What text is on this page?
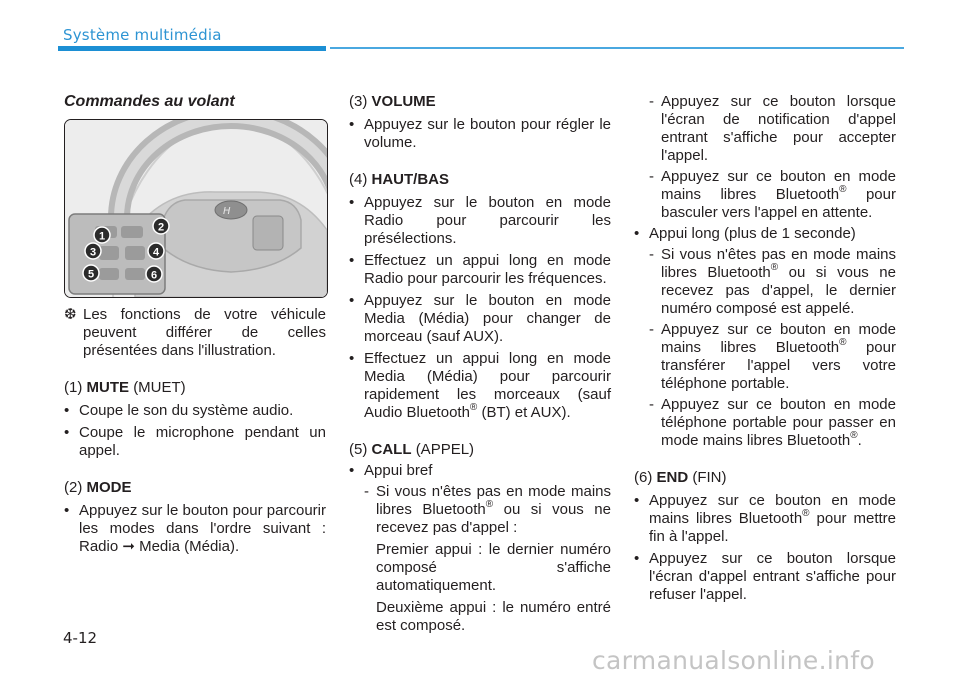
Système multimédia

Commandes au volant

H
1
2
3	4
5	6

❆ Les fonctions de votre véhicule peuvent différer de celles présentées dans l'illustration.

(1) MUTE (MUET)

• Coupe le son du système audio.

• Coupe le microphone pendant un appel.

(2) MODE

• Appuyez sur le bouton pour parcourir les modes dans l'ordre suivant : Radio ➞ Media (Média).

(3) VOLUME

• Appuyez sur le bouton pour régler le volume.

(4) HAUT/BAS

• Appuyez sur le bouton en mode Radio pour parcourir les présélections.

• Effectuez un appui long en mode Radio pour parcourir les fréquences.

• Appuyez sur le bouton en mode Media (Média) pour changer de morceau (sauf AUX).

• Effectuez un appui long en mode Media (Média) pour parcourir rapidement les morceaux (sauf Audio Bluetooth® (BT) et AUX).

(5) CALL (APPEL)

• Appui bref

- Si vous n'êtes pas en mode mains libres Bluetooth® ou si vous ne recevez pas d'appel :

Premier appui : le dernier numéro composé s'affiche automatiquement.

Deuxième appui : le numéro entré est composé.

- Appuyez sur ce bouton lorsque l'écran de notification d'appel entrant s'affiche pour accepter l'appel.

- Appuyez sur ce bouton en mode mains libres Bluetooth® pour basculer vers l'appel en attente.

• Appui long (plus de 1 seconde)

- Si vous n'êtes pas en mode mains libres Bluetooth® ou si vous ne recevez pas d'appel, le dernier numéro composé est appelé.

- Appuyez sur ce bouton en mode mains libres Bluetooth® pour transférer l'appel vers votre téléphone portable.

- Appuyez sur ce bouton en mode téléphone portable pour passer en mode mains libres Bluetooth®.

(6) END (FIN)

• Appuyez sur ce bouton en mode mains libres Bluetooth® pour mettre fin à l'appel.

• Appuyez sur ce bouton lorsque l'écran d'appel entrant s'affiche pour refuser l'appel.

4-12
carmanualsonline.info
